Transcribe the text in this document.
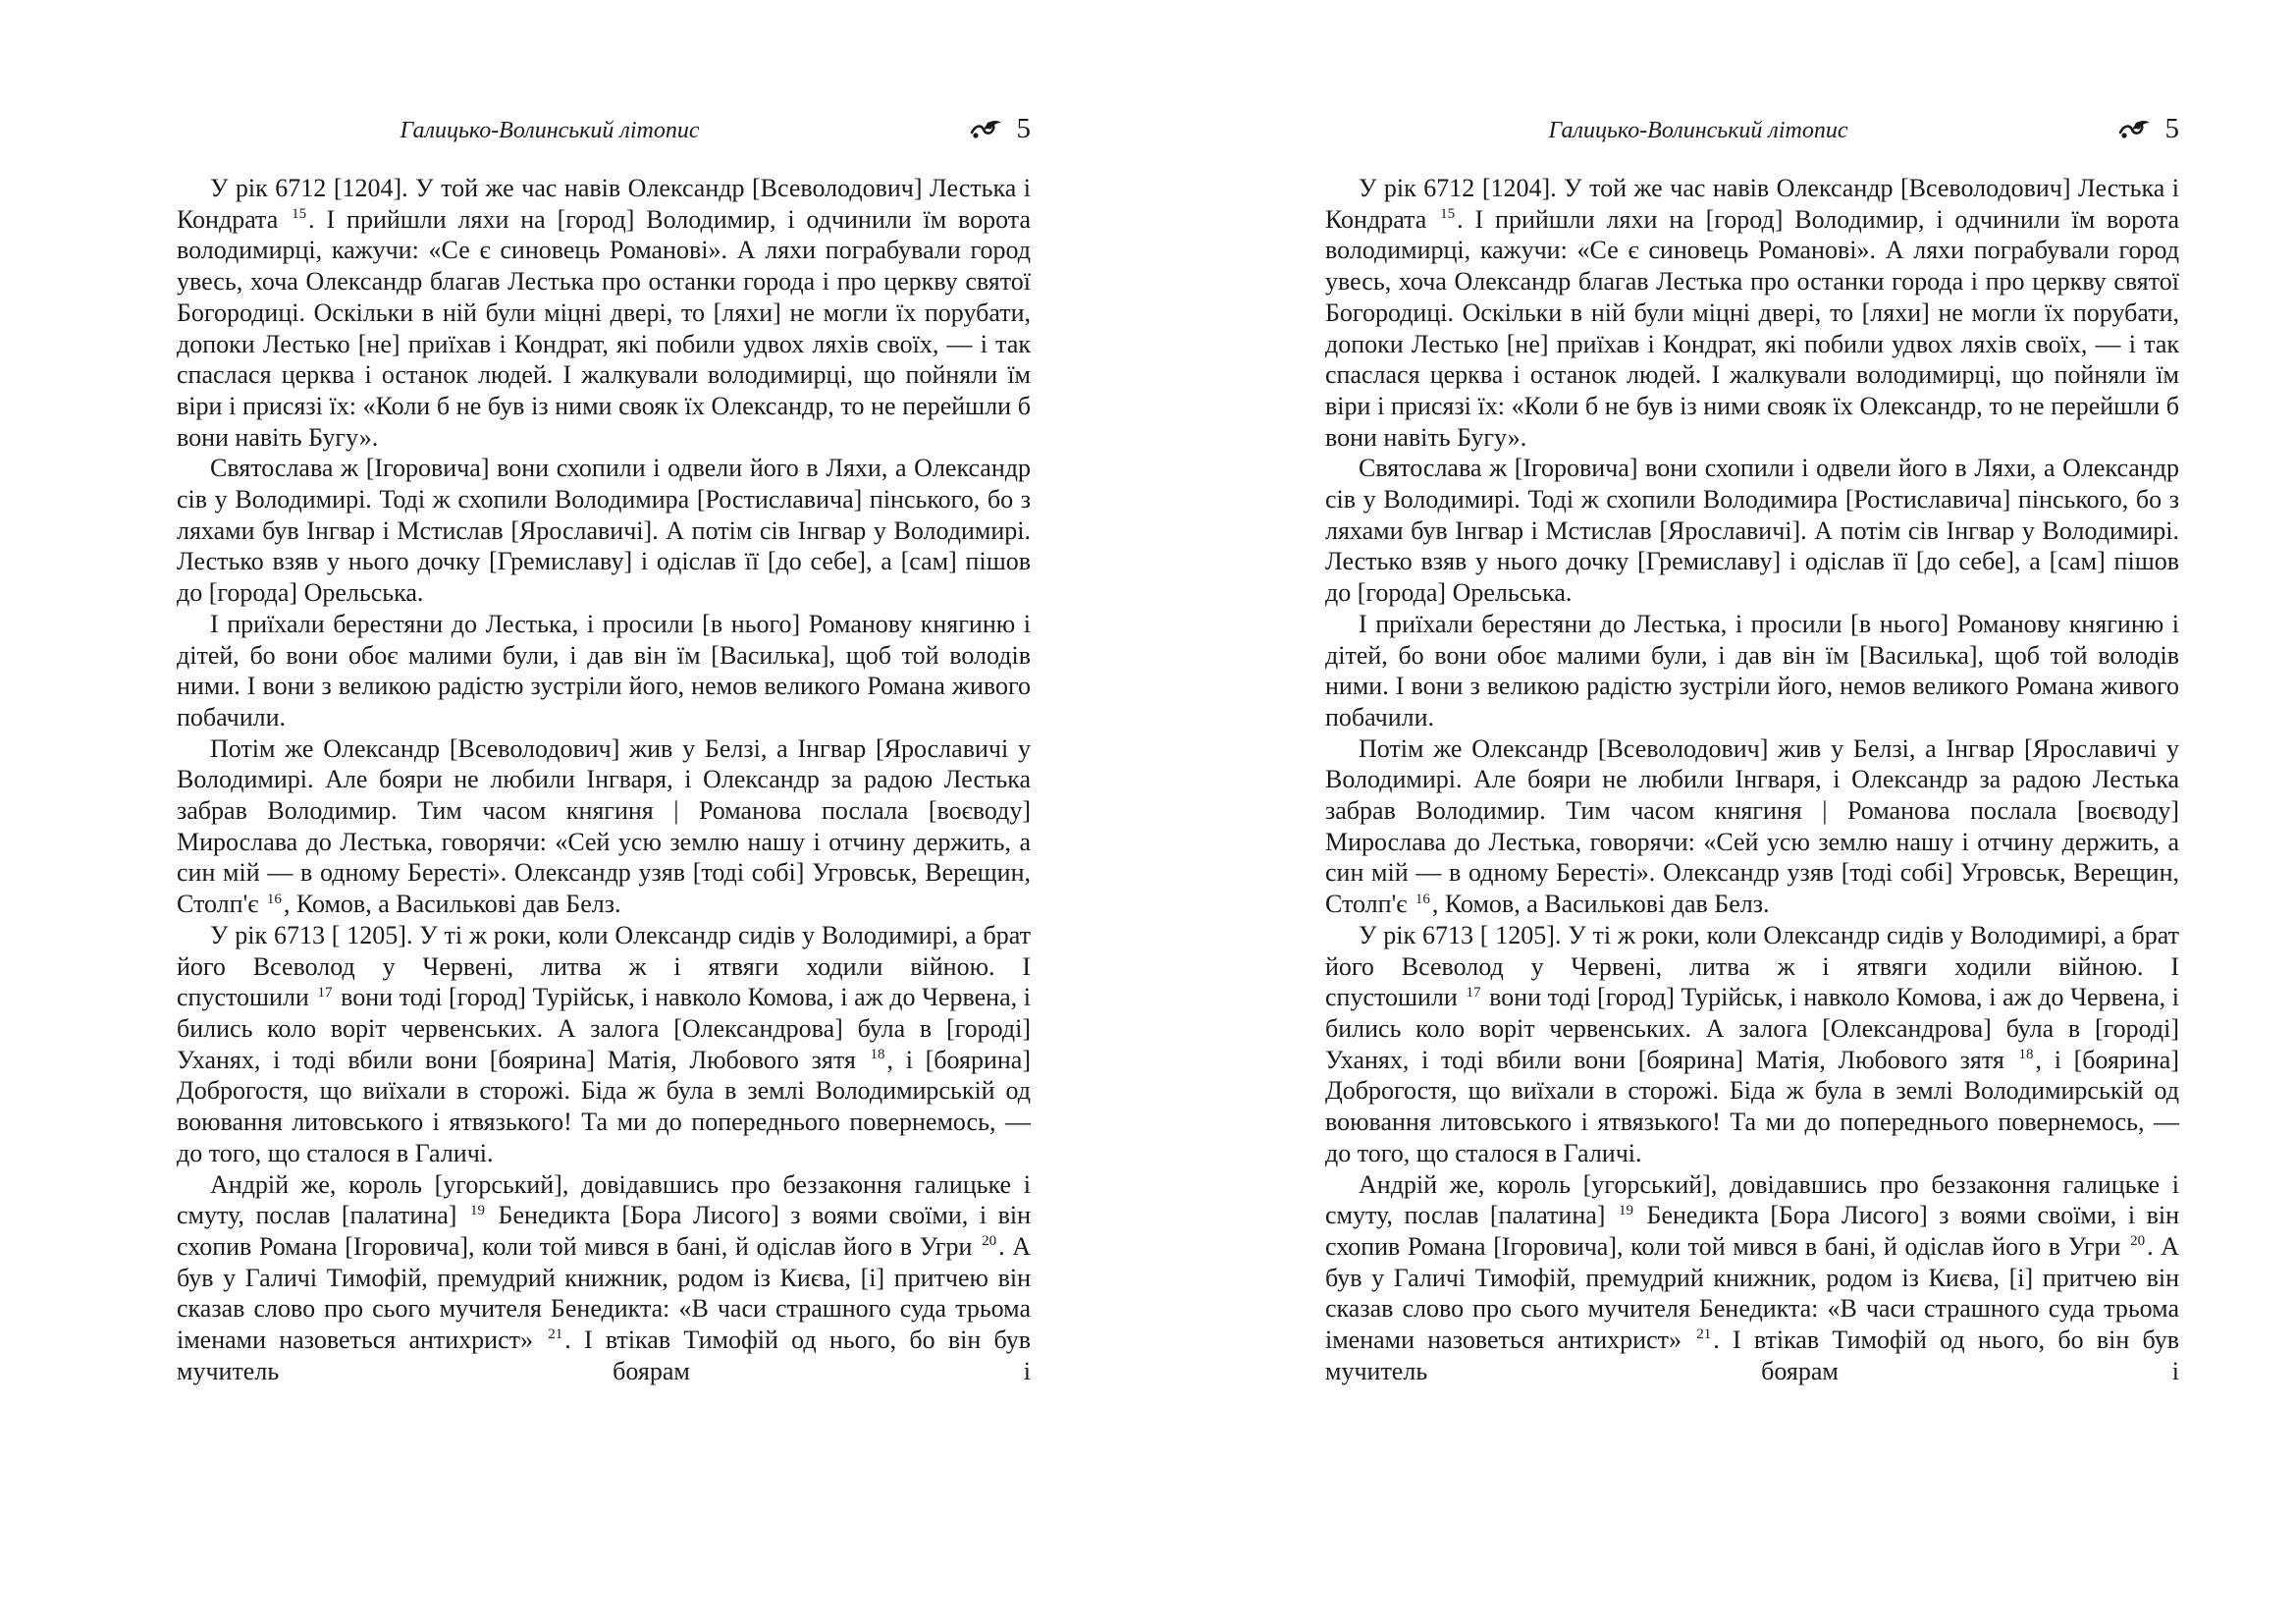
Галицько-Волинський літопис	5

У рік 6712 [1204]. У той же час навів Олександр [Всеволодович] Лестька і Кондрата $^{15}$. І прийшли ляхи на [город] Володимир, і одчинили їм ворота володимирці, кажучи: «Се є синовець Романові». А ляхи пограбували город увесь, хоча Олександр благав Лестька про останки города і про церкву святої Богородиці. Оскільки в ній були міцні двері, то [ляхи] не могли їх порубати, допоки Лестько [не] приїхав і Кондрат, які побили удвох ляхів своїх, — і так спаслася церква і останок людей. І жалкували володимирці, що пойняли їм віри і присязі їх: «Коли б не був із ними свояк їх Олександр, то не перейшли б вони навіть Бугу».

Святослава ж [Ігоровича] вони схопили і одвели його в Ляхи, а Олександр сів у Володимирі. Тоді ж схопили Володимира [Ростиславича] пінського, бо з ляхами був Інгвар і Мстислав [Ярославичі]. А потім сів Інгвар у Володимирі. Лестько взяв у нього дочку [Гремиславу] і одіслав її [до себе], а [сам] пішов до [города] Орельська.

І приїхали берестяни до Лестька, і просили [в нього] Романову княгиню і дітей, бо вони обоє малими були, і дав він їм [Василька], щоб той володів ними. І вони з великою радістю зустріли його, немов великого Романа живого побачили.

Потім же Олександр [Всеволодович] жив у Белзі, а Інгвар [Ярославичі у Володимирі. Але бояри не любили Інгваря, і Олександр за радою Лестька забрав Володимир. Тим часом княгиня | Романова послала [воєводу] Мирослава до Лестька, говорячи: «Сей усю землю нашу і отчину держить, а син мій — в одному Бересті». Олександр узяв [тоді собі] Угровськ, Верещин, Столп'є $^{16}$, Комов, а Васильковi дав Белз.

У рік 6713 [ 1205]. У ті ж роки, коли Олександр сидів у Володимирі, а брат його Всеволод у Червені, литва ж і ятвяги ходили війною. І спустошили $^{17}$ вони тоді [город] Турійськ, і навколо Комова, і аж до Червена, і бились коло воріт червенських. А залога [Олександрова] була в [городі] Уханях, і тоді вбили вони [боярина] Матія, Любового зятя $^{18}$, і [боярина] Доброгостя, що виїхали в сторожі. Біда ж була в землі Володимирській од воювання литовського і ятвязького! Та ми до попереднього повернемось, — до того, що сталося в Галичі.

Андрій же, король [угорський], довідавшись про беззаконня галицьке і смуту, послав [палатина] $^{19}$ Бенедикта [Бора Лисого] з воями своїми, і він схопив Романа [Ігоровича], коли той мився в бані, й одіслав його в Угри $^{20}$. А був у Галичі Тимофій, премудрий книжник, родом із Києва, [і] притчею він сказав слово про сього мучителя Бенедикта: «В часи страшного суда трьома іменами назоветься антихрист» $^{21}$. І втікав Тимофій од нього, бо він був мучитель боярам і

Галицько-Волинський літопис	5

У рік 6712 [1204]. У той же час навів Олександр [Всеволодович] Лестька і Кондрата $^{15}$. І прийшли ляхи на [город] Володимир, і одчинили їм ворота володимирці, кажучи: «Се є синовець Романові». А ляхи пограбували город увесь, хоча Олександр благав Лестька про останки города і про церкву святої Богородиці. Оскільки в ній були міцні двері, то [ляхи] не могли їх порубати, допоки Лестько [не] приїхав і Кондрат, які побили удвох ляхів своїх, — і так спаслася церква і останок людей. І жалкували володимирці, що пойняли їм віри і присязі їх: «Коли б не був із ними свояк їх Олександр, то не перейшли б вони навіть Бугу».

Святослава ж [Ігоровича] вони схопили і одвели його в Ляхи, а Олександр сів у Володимирі. Тоді ж схопили Володимира [Ростиславича] пінського, бо з ляхами був Інгвар і Мстислав [Ярославичі]. А потім сів Інгвар у Володимирі. Лестько взяв у нього дочку [Гремиславу] і одіслав її [до себе], а [сам] пішов до [города] Орельська.

І приїхали берестяни до Лестька, і просили [в нього] Романову княгиню і дітей, бо вони обоє малими були, і дав він їм [Василька], щоб той володів ними. І вони з великою радістю зустріли його, немов великого Романа живого побачили.

Потім же Олександр [Всеволодович] жив у Белзі, а Інгвар [Ярославичі у Володимирі. Але бояри не любили Інгваря, і Олександр за радою Лестька забрав Володимир. Тим часом княгиня | Романова послала [воєводу] Мирослава до Лестька, говорячи: «Сей усю землю нашу і отчину держить, а син мій — в одному Бересті». Олександр узяв [тоді собі] Угровськ, Верещин, Столп'є $^{16}$, Комов, а Васильковi дав Белз.

У рік 6713 [ 1205]. У ті ж роки, коли Олександр сидів у Володимирі, а брат його Всеволод у Червені, литва ж і ятвяги ходили війною. І спустошили $^{17}$ вони тоді [город] Турійськ, і навколо Комова, і аж до Червена, і бились коло воріт червенських. А залога [Олександрова] була в [городі] Уханях, і тоді вбили вони [боярина] Матія, Любового зятя $^{18}$, і [боярина] Доброгостя, що виїхали в сторожі. Біда ж була в землі Володимирській од воювання литовського і ятвязького! Та ми до попереднього повернемось, — до того, що сталося в Галичі.

Андрій же, король [угорський], довідавшись про беззаконня галицьке і смуту, послав [палатина] $^{19}$ Бенедикта [Бора Лисого] з воями своїми, і він схопив Романа [Ігоровича], коли той мився в бані, й одіслав його в Угри $^{20}$. А був у Галичі Тимофій, премудрий книжник, родом із Києва, [і] притчею він сказав слово про сього мучителя Бенедикта: «В часи страшного суда трьома іменами назоветься антихрист» $^{21}$. І втікав Тимофій од нього, бо він був мучитель боярам і
